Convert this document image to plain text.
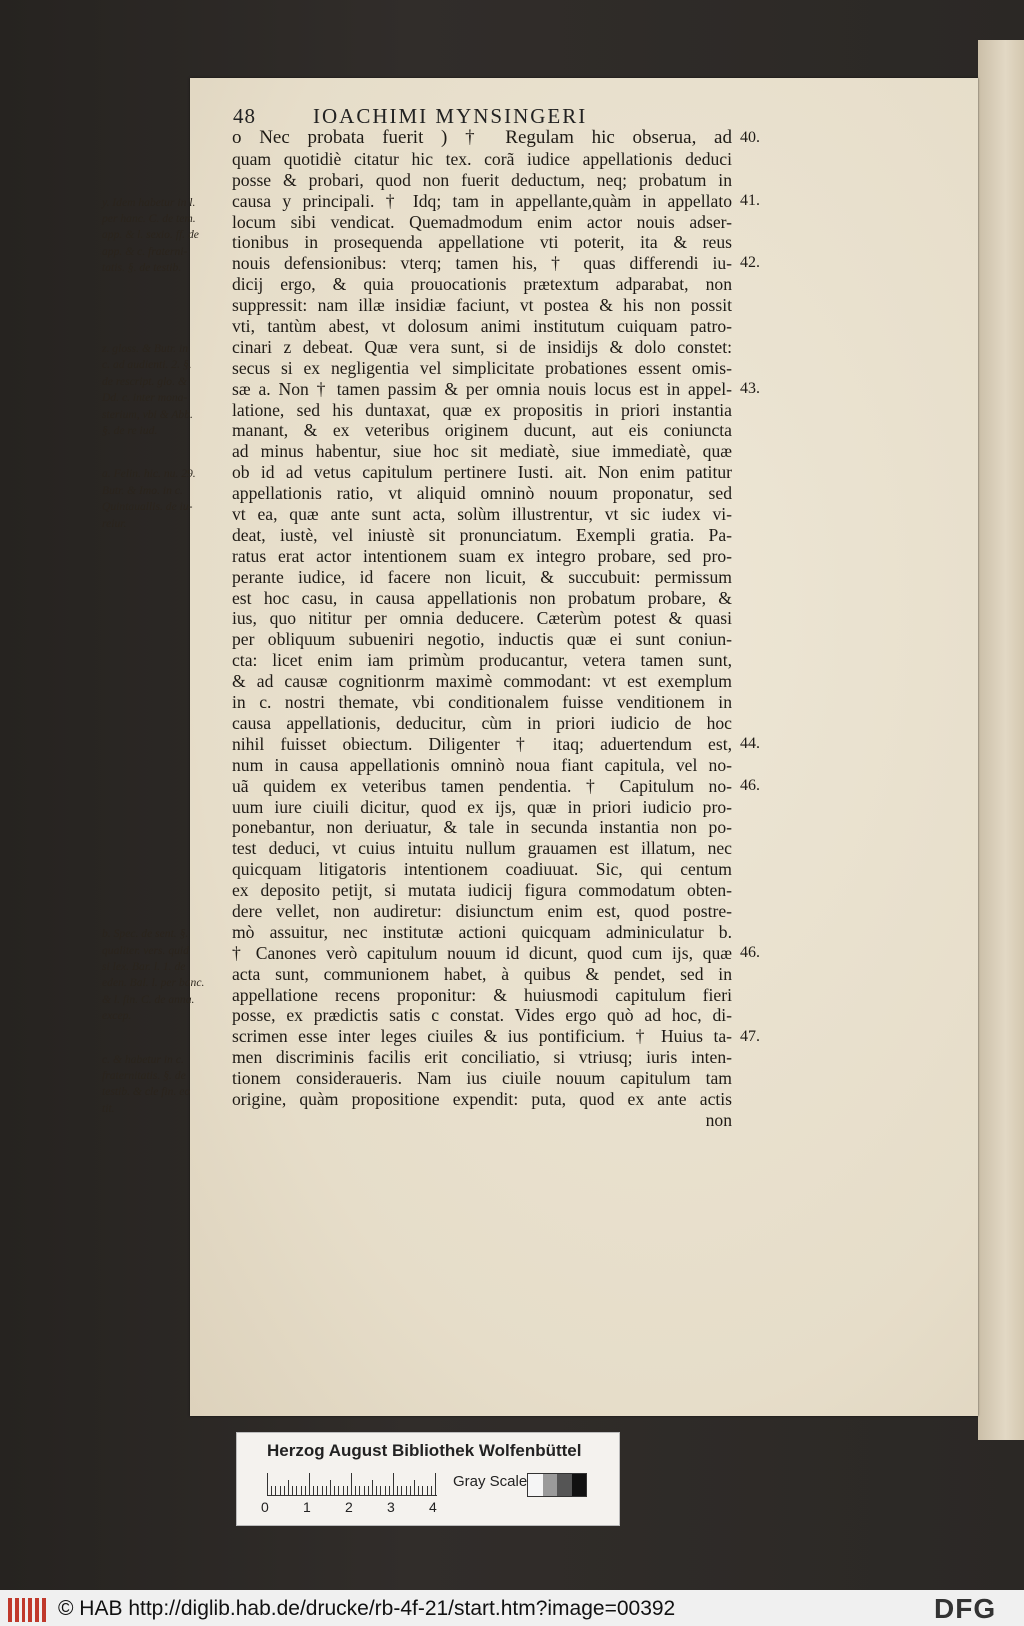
48	IOACHIMI MYNSINGERI
o Nec probata fuerit ) † Regulam hic obserua, ad
quam quotidiè citatur hic tex. corã iudice appellationis deduci
posse & probari, quod non fuerit deductum, neq; probatum in
causa y principali. † Idq; tam in appellante,quàm in appellato
locum sibi vendicat. Quemadmodum enim actor nouis adser-
tionibus in prosequenda appellatione vti poterit, ita & reus
nouis defensionibus: vterq; tamen his, † quas differendi iu-
dicij ergo, & quia prouocationis prætextum adparabat, non
suppressit: nam illæ insidiæ faciunt, vt postea & his non possit
vti, tantùm abest, vt dolosum animi institutum cuiquam patro-
cinari z debeat. Quæ vera sunt, si de insidijs & dolo constet:
secus si ex negligentia vel simplicitate probationes essent omis-
sæ a. Non † tamen passim & per omnia nouis locus est in appel-
latione, sed his duntaxat, quæ ex propositis in priori instantia
manant, & ex veteribus originem ducunt, aut eis coniuncta
ad minus habentur, siue hoc sit mediatè, siue immediatè, quæ
ob id ad vetus capitulum pertinere Iusti. ait. Non enim patitur
appellationis ratio, vt aliquid omninò nouum proponatur, sed
vt ea, quæ ante sunt acta, solùm illustrentur, vt sic iudex vi-
deat, iustè, vel iniustè sit pronunciatum. Exempli gratia. Pa-
ratus erat actor intentionem suam ex integro probare, sed pro-
perante iudice, id facere non licuit, & succubuit: permissum
est hoc casu, in causa appellationis non probatum probare, &
ius, quo nititur per omnia deducere. Cæterùm potest & quasi
per obliquum subueniri negotio, inductis quæ ei sunt coniun-
cta: licet enim iam primùm producantur, vetera tamen sunt,
& ad causæ cognitionrm maximè commodant: vt est exemplum
in c. nostri themate, vbi conditionalem fuisse venditionem in
causa appellationis, deducitur, cùm in priori iudicio de hoc
nihil fuisset obiectum. Diligenter † itaq; aduertendum est,
num in causa appellationis omninò noua fiant capitula, vel no-
uã quidem ex veteribus tamen pendentia. † Capitulum no-
uum iure ciuili dicitur, quod ex ijs, quæ in priori iudicio pro-
ponebantur, non deriuatur, & tale in secunda instantia non po-
test deduci, vt cuius intuitu nullum grauamen est illatum, nec
quicquam litigatoris intentionem coadiuuat. Sic, qui centum
ex deposito petijt, si mutata iudicij figura commodatum obten-
dere vellet, non audiretur: disiunctum enim est, quod postre-
mò assuitur, nec institutæ actioni quicquam adminiculatur b.
† Canones verò capitulum nouum id dicunt, quod cum ijs, quæ
acta sunt, communionem habet, à quibus & pendet, sed in
appellatione recens proponitur: & huiusmodi capitulum fieri
posse, ex prædictis satis c constat. Vides ergo quò ad hoc, di-
scrimen esse inter leges ciuiles & ius pontificium. † Huius ta-
men discriminis facilis erit conciliatio, si vtriusq; iuris inten-
tionem consideraueris. Nam ius ciuile nouum capitulum tam
origine, quàm propositione expendit: puta, quod ex ante actis
non
40.
41.
42.
43.
44.
46.
46.
47.
y. Idem habetur in l.
per hanc. C. de tem.
app. & l. sexio. ff. de
app. & c. fraterni-
tatis. §. de testib.
z. gloss. & Butr. in
c. ad audienti. 2. §.
de rescript. glo. &
Dd. c. inter mona-
sterium, vbi & Abb.
§. de re iud.
a. Felin. hic. nu. 29.
Butr. & Imo. in c.
Quintauallis. de iu-
reiur.
b. Spec. de sent. §.
qualiter. vers. quid
si lex. Bar. l. 1. de
eden. Bal. l. per banc.
& l. fin. C. de anna.
excep.
c. & habetur in c.
fraternitatis. §. de
testib. & cle fin. eo
tit.
Herzog August Bibliothek Wolfenbüttel
0 1 2 3 4
Gray Scale
© HAB http://diglib.hab.de/drucke/rb-4f-21/start.htm?image=00392	DFG
